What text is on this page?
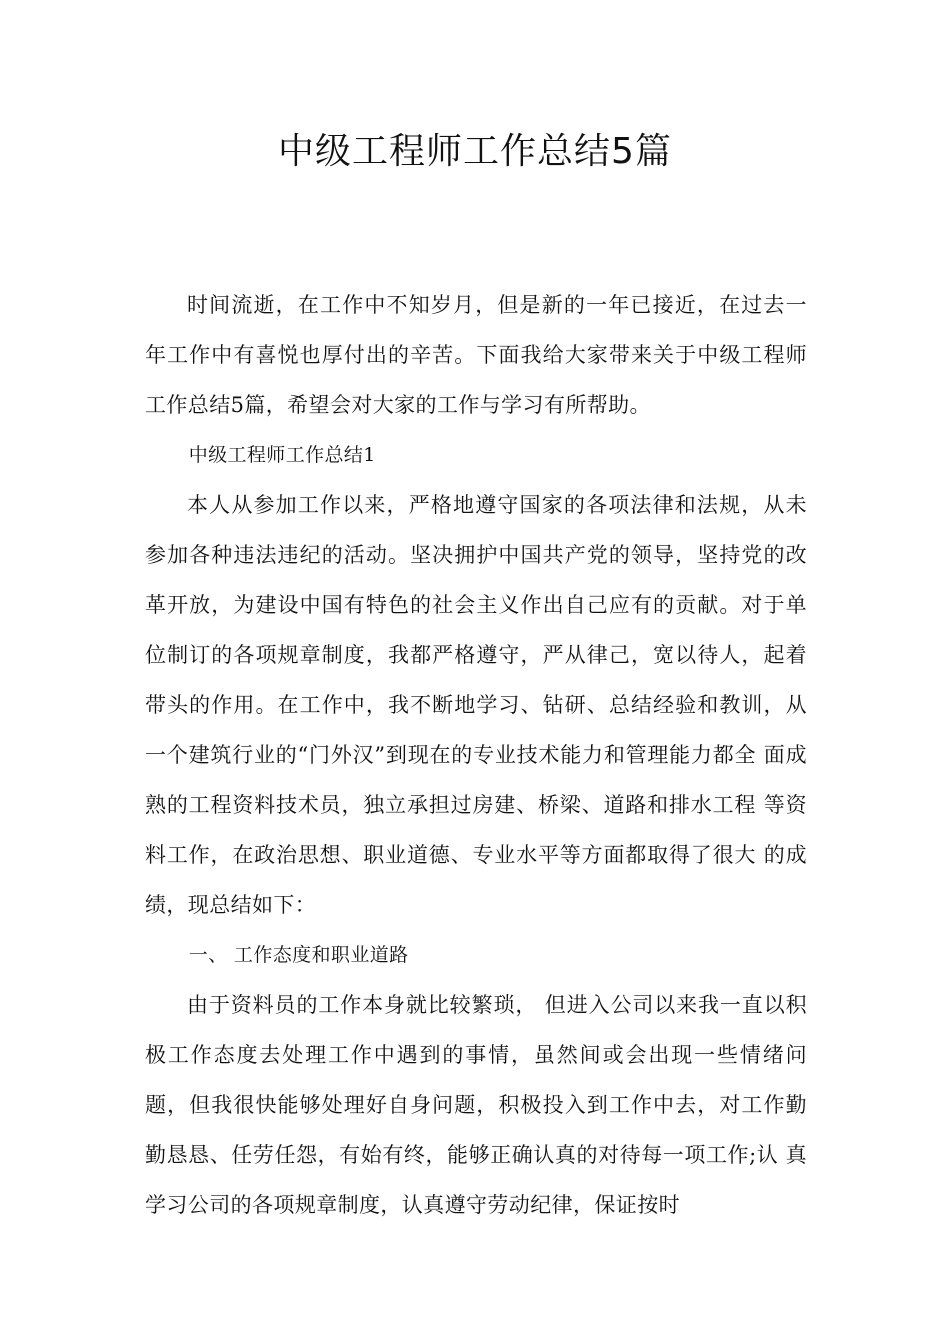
中级工程师工作总结5篇

时间流逝，在工作中不知岁月，但是新的一年已接近，在过去一年工作中有喜悦也厚付出的辛苦。下面我给大家带来关于中级工程师工作总结5篇，希望会对大家的工作与学习有所帮助。

中级工程师工作总结1

本人从参加工作以来，严格地遵守国家的各项法律和法规，从未 参加各种违法违纪的活动。坚决拥护中国共产党的领导，坚持党的改 革开放，为建设中国有特色的社会主义作出自己应有的贡献。对于单 位制订的各项规章制度，我都严格遵守，严从律己，宽以待人，起着 带头的作用。在工作中，我不断地学习、钻研、总结经验和教训，从 一个建筑行业的“门外汉”到现在的专业技术能力和管理能力都全 面成熟的工程资料技术员，独立承担过房建、桥梁、道路和排水工程 等资料工作，在政治思想、职业道德、专业水平等方面都取得了很大 的成绩，现总结如下：

一、 工作态度和职业道路

由于资料员的工作本身就比较繁琐， 但进入公司以来我一直以积 极工作态度去处理工作中遇到的事情，虽然间或会出现一些情绪问 题，但我很快能够处理好自身问题，积极投入到工作中去，对工作勤 勤恳恳、任劳任怨，有始有终，能够正确认真的对待每一项工作;认 真学习公司的各项规章制度，认真遵守劳动纪律，保证按时
